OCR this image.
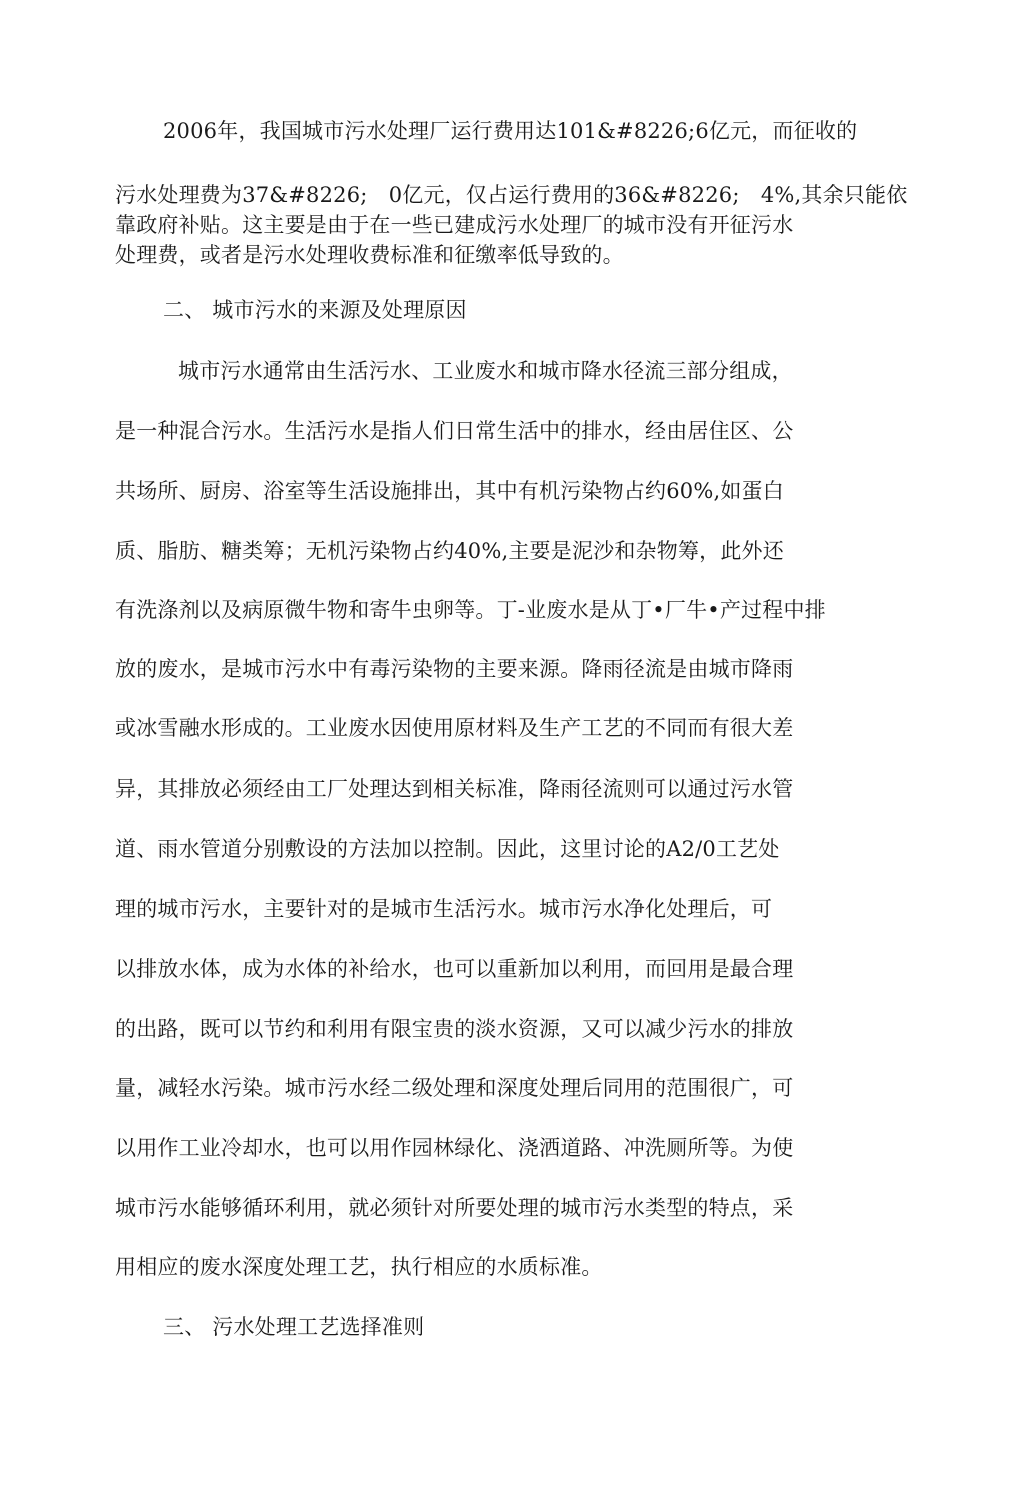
2006年，我国城市污水处理厂运行费用达101&#8226;6亿元，而征收的
污水处理费为37&#8226;　0亿元，仅占运行费用的36&#8226;　4%,其余只能依
靠政府补贴。这主要是由于在一些已建成污水处理厂的城市没有开征污水
处理费，或者是污水处理收费标准和征缴率低导致的。
二、 城市污水的来源及处理原因
城市污水通常由生活污水、工业废水和城市降水径流三部分组成，
是一种混合污水。生活污水是指人们日常生活中的排水，经由居住区、公
共场所、厨房、浴室等生活设施排出，其中有机污染物占约60%,如蛋白
质、脂肪、糖类筹；无机污染物占约40%,主要是泥沙和杂物筹，此外还
有洗涤剂以及病原微牛物和寄牛虫卵等。丁-业废水是从丁•厂牛•产过程中排
放的废水，是城市污水中有毒污染物的主要来源。降雨径流是由城市降雨
或冰雪融水形成的。工业废水因使用原材料及生产工艺的不同而有很大差
异，其排放必须经由工厂处理达到相关标准，降雨径流则可以通过污水管
道、雨水管道分别敷设的方法加以控制。因此，这里讨论的A2/0工艺处
理的城市污水，主要针对的是城市生活污水。城市污水净化处理后，可
以排放水体，成为水体的补给水，也可以重新加以利用，而回用是最合理
的出路，既可以节约和利用有限宝贵的淡水资源，又可以减少污水的排放
量，减轻水污染。城市污水经二级处理和深度处理后同用的范围很广，可
以用作工业冷却水，也可以用作园林绿化、浇洒道路、冲洗厕所等。为使
城市污水能够循环利用，就必须针对所要处理的城市污水类型的特点，采
用相应的废水深度处理工艺，执行相应的水质标准。
三、 污水处理工艺选择准则
